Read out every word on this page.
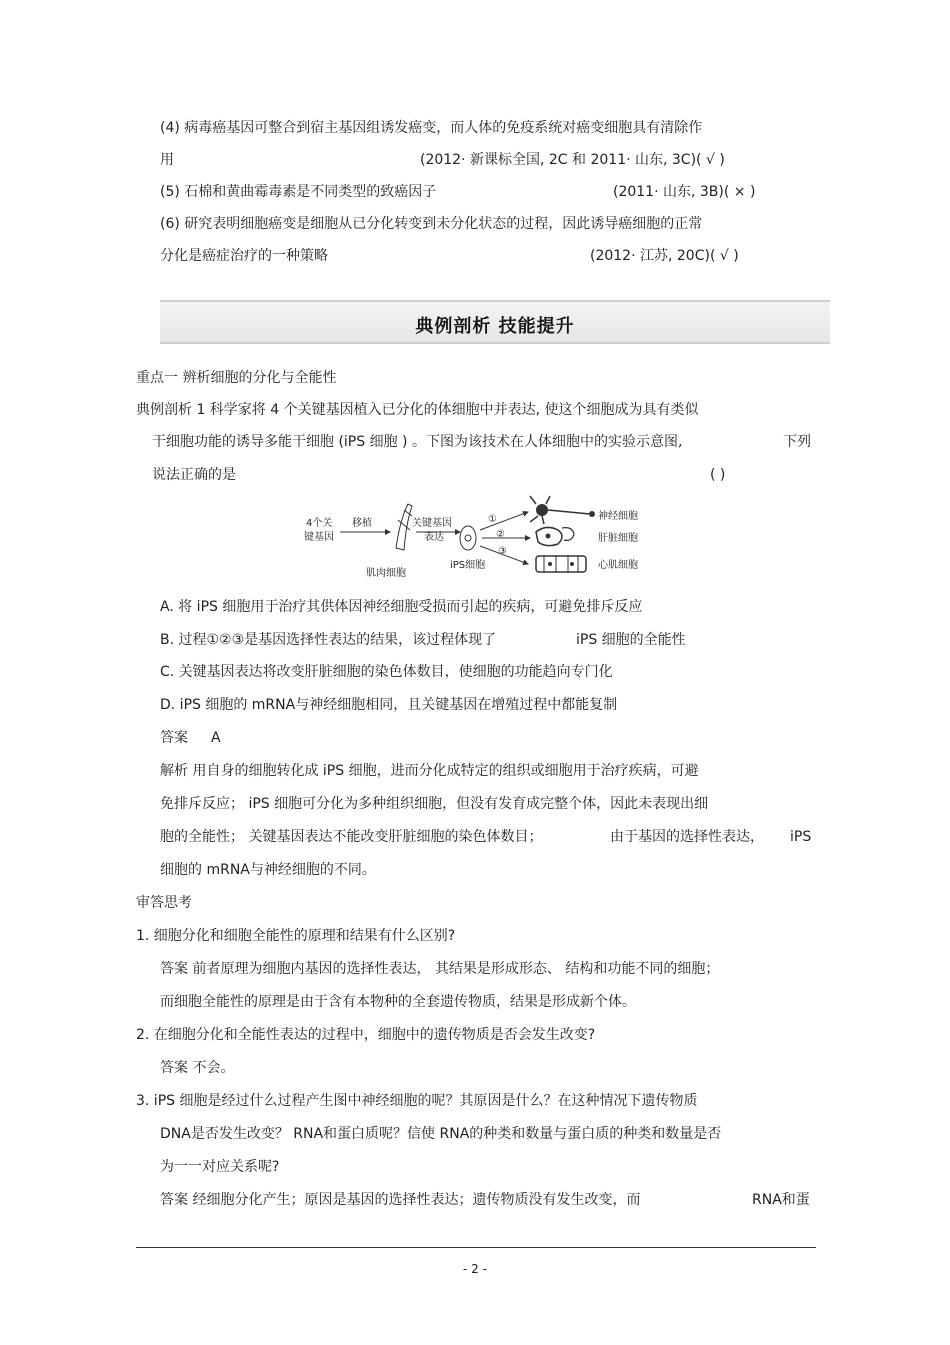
(4) 病毒癌基因可整合到宿主基因组诱发癌变，而人体的免疫系统对癌变细胞具有清除作
用	(2012· 新课标全国, 2C 和 2011· 山东, 3C)( √ )
(5) 石棉和黄曲霉毒素是不同类型的致癌因子	(2011· 山东, 3B)( × )
(6) 研究表明细胞癌变是细胞从已分化转变到未分化状态的过程，因此诱导癌细胞的正常
分化是癌症治疗的一种策略	(2012· 江苏, 20C)( √ )
典例剖析 技能提升
重点一 辨析细胞的分化与全能性
典例剖析 1 科学家将 4 个关键基因植入已分化的体细胞中并表达, 使这个细胞成为具有类似
干细胞功能的诱导多能干细胞 (iPS 细胞 ) 。下图为该技术在人体细胞中的实验示意图,	下列
说法正确的是	( )
4个关
键基因
移植
肌肉细胞
关键基因
表达
iPS细胞
①
②
③
神经细胞
肝脏细胞
心肌细胞
A. 将 iPS 细胞用于治疗其供体因神经细胞受损而引起的疾病，可避免排斥反应
B. 过程①②③是基因选择性表达的结果，该过程体现了	iPS 细胞的全能性
C. 关键基因表达将改变肝脏细胞的染色体数目，使细胞的功能趋向专门化
D. iPS 细胞的 mRNA与神经细胞相同，且关键基因在增殖过程中都能复制
答案 A
解析 用自身的细胞转化成 iPS 细胞，进而分化成特定的组织或细胞用于治疗疾病，可避
免排斥反应； iPS 细胞可分化为多种组织细胞，但没有发育成完整个体，因此未表现出细
胞的全能性； 关键基因表达不能改变肝脏细胞的染色体数目；	由于基因的选择性表达， iPS
细胞的 mRNA与神经细胞的不同。
审答思考
1. 细胞分化和细胞全能性的原理和结果有什么区别?
答案 前者原理为细胞内基因的选择性表达， 其结果是形成形态、 结构和功能不同的细胞；
而细胞全能性的原理是由于含有本物种的全套遗传物质，结果是形成新个体。
2. 在细胞分化和全能性表达的过程中，细胞中的遗传物质是否会发生改变?
答案 不会。
3. iPS 细胞是经过什么过程产生图中神经细胞的呢？其原因是什么？在这种情况下遗传物质
DNA是否发生改变？ RNA和蛋白质呢？信使 RNA的种类和数量与蛋白质的种类和数量是否
为一一对应关系呢?
答案 经细胞分化产生；原因是基因的选择性表达；遗传物质没有发生改变，而	RNA和蛋
- 2 -
